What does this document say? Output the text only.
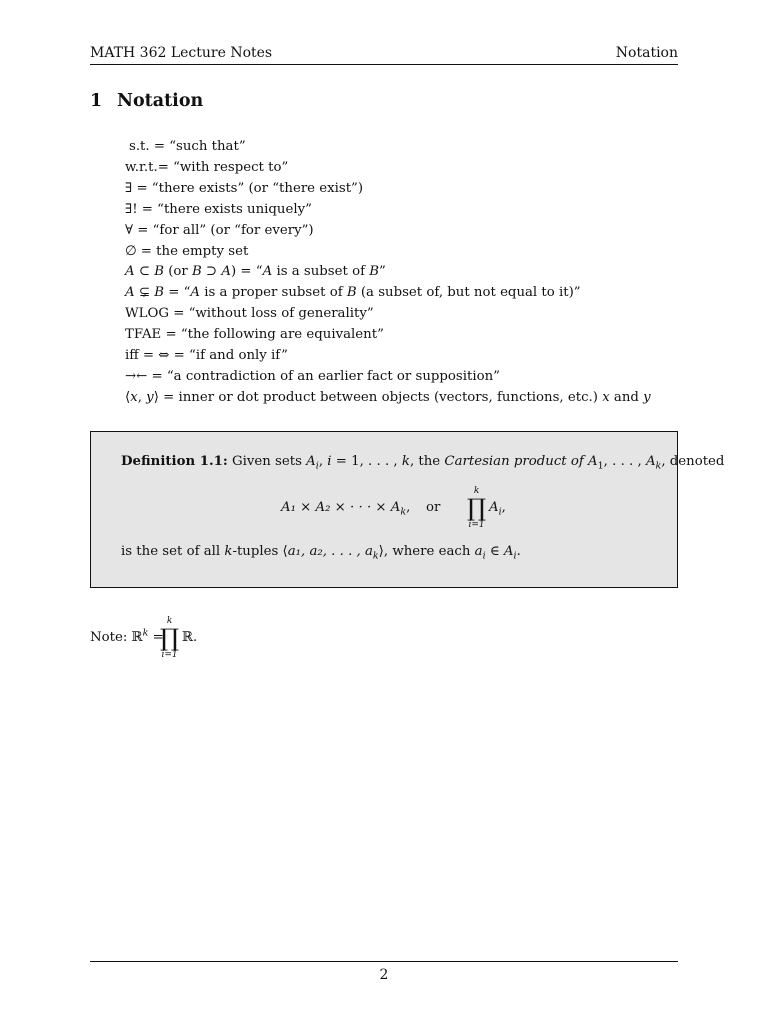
MATH 362 Lecture Notes	Notation
1 Notation
s.t. = “such that”
w.r.t.= “with respect to”
∃ = “there exists” (or “there exist”)
∃! = “there exists uniquely”
∀ = “for all” (or “for every”)
∅ = the empty set
A ⊂ B (or B ⊃ A) = “A is a subset of B”
A ⊊ B = “A is a proper subset of B (a subset of, but not equal to it)”
WLOG = “without loss of generality”
TFAE = “the following are equivalent”
iff = ⇔ = “if and only if”
→← = “a contradiction of an earlier fact or supposition”
⟨x, y⟩ = inner or dot product between objects (vectors, functions, etc.) x and y
Definition 1.1: Given sets $A_i$, i = 1, . . . , k, the Cartesian product of $A_1$, . . . , $A_k$, denoted
A₁ × A₂ × · · · × $A_k$, or
k
∏
i=1
$A_i$,
is the set of all k-tuples ⟨a₁, a₂, . . . , $a_k⟩$, where each $a_i$ ∈ $A_i$.
Note: ℝ$^k$ =
k
∏
i=1
ℝ.
2
